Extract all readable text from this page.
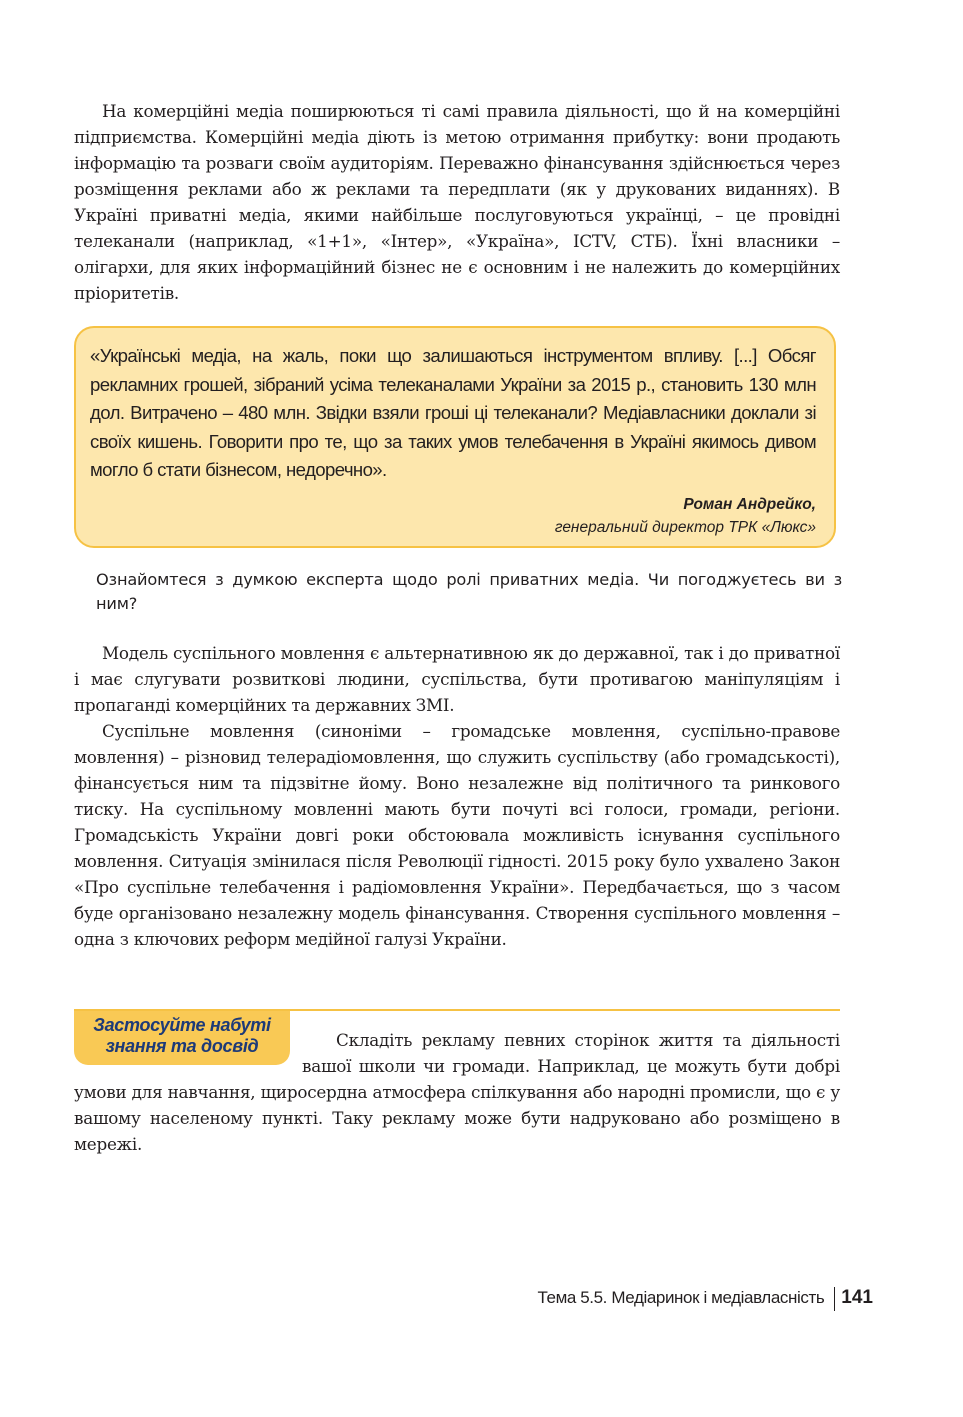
На комерційні медіа поширюються ті самі правила діяльності, що й на комерційні підприємства. Комерційні медіа діють із метою отримання прибутку: вони продають інформацію та розваги своїм аудиторіям. Переважно фінансування здійснюється через розміщення реклами або ж реклами та передплати (як у друкованих виданнях). В Україні приватні медіа, якими найбільше послуговуються українці, – це провідні телеканали (наприклад, «1+1», «Інтер», «Україна», ICTV, СТБ). Їхні власники – олігархи, для яких інформаційний бізнес не є основним і не належить до комерційних пріоритетів.

«Українські медіа, на жаль, поки що залишаються інструментом впливу. [...] Обсяг рекламних грошей, зібраний усіма телеканалами України за 2015 р., становить 130 млн дол. Витрачено – 480 млн. Звідки взяли гроші ці телеканали? Медіавласники доклали зі своїх кишень. Говорити про те, що за таких умов телебачення в Україні якимось дивом могло б стати бізнесом, недоречно».

Роман Андрейко,
генеральний директор ТРК «Люкс»

Ознайомтеся з думкою експерта щодо ролі приватних медіа. Чи погоджуєтесь ви з ним?

Модель суспільного мовлення є альтернативною як до державної, так і до приватної і має слугувати розвиткові людини, суспільства, бути противагою маніпуляціям і пропаганді комерційних та державних ЗМІ.

Суспільне мовлення (синоніми – громадське мовлення, суспільно-правове мовлення) – різновид телерадіомовлення, що служить суспільству (або громадськості), фінансується ним та підзвітне йому. Воно незалежне від політичного та ринкового тиску. На суспільному мовленні мають бути почуті всі голоси, громади, регіони. Громадськість України довгі роки обстоювала можливість існування суспільного мовлення. Ситуація змінилася після Революції гідності. 2015 року було ухвалено Закон «Про суспільне телебачення і радіомовлення України». Передбачається, що з часом буде організовано незалежну модель фінансування. Створення суспільного мовлення – одна з ключових реформ медійної галузі України.

Складіть рекламу певних сторінок життя та діяльності вашої школи чи громади. Наприклад, це можуть бути добрі умови для навчання, щиросердна атмосфера спілкування або народні промисли, що є у вашому населеному пункті. Таку рекламу може бути надруковано або розміщено в мережі.

Застосуйте набуті
знання та досвід
Тема 5.5. Медіаринок і медіавласність 141
